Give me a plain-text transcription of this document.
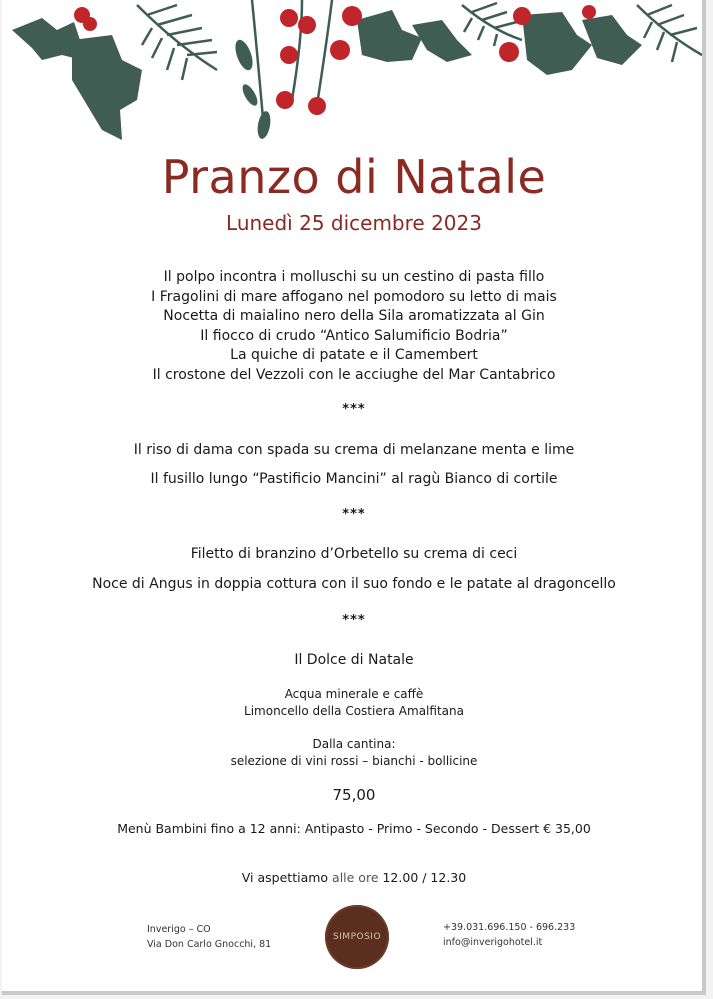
Pranzo di Natale
Lunedì 25 dicembre 2023
Il polpo incontra i molluschi su un cestino di pasta fillo
I Fragolini di mare affogano nel pomodoro su letto di mais
Nocetta di maialino nero della Sila aromatizzata al Gin
Il fiocco di crudo “Antico Salumificio Bodria”
La quiche di patate e il Camembert
Il crostone del Vezzoli con le acciughe del Mar Cantabrico
***
Il riso di dama con spada su crema di melanzane menta e lime
Il fusillo lungo “Pastificio Mancini” al ragù Bianco di cortile
***
Filetto di branzino d’Orbetello su crema di ceci
Noce di Angus in doppia cottura con il suo fondo e le patate al dragoncello
***
Il Dolce di Natale
Acqua minerale e caffè
Limoncello della Costiera Amalfitana
Dalla cantina:
selezione di vini rossi – bianchi - bollicine
75,00
Menù Bambini fino a 12 anni: Antipasto - Primo - Secondo - Dessert € 35,00
Vi aspettiamo alle ore 12.00 / 12.30
Inverigo – CO
Via Don Carlo Gnocchi, 81
SIMPOSIO
+39.031.696.150 - 696.233
info@inverigohotel.it
